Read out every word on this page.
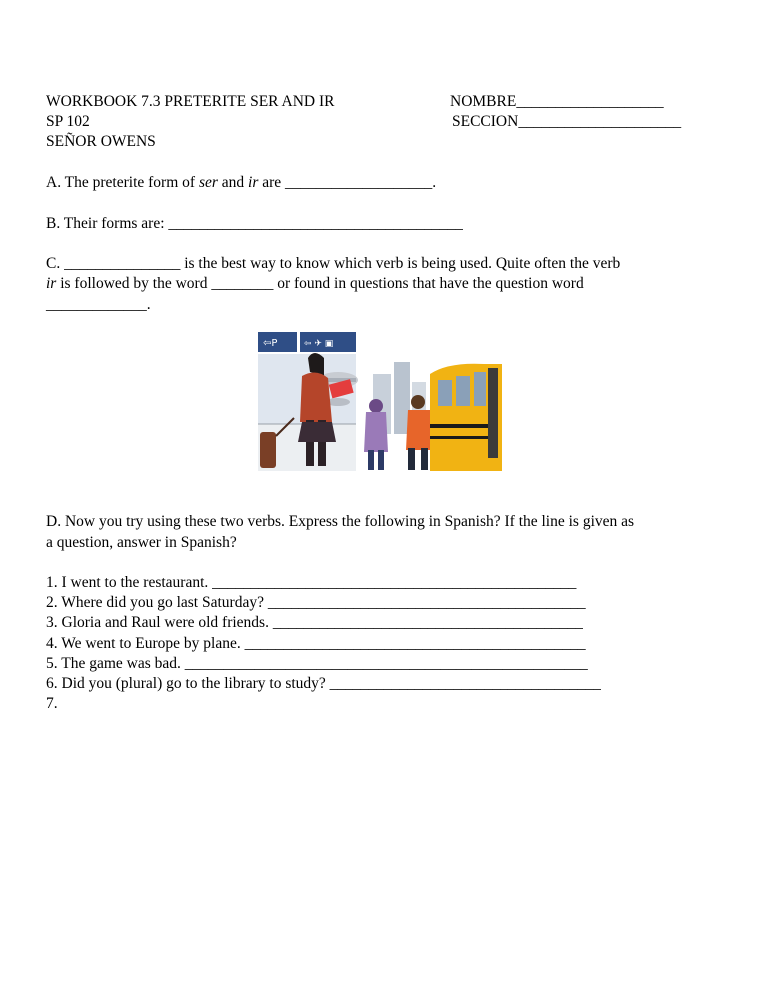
WORKBOOK 7.3 PRETERITE SER AND IR
SP 102
SEÑOR OWENS
NOMBRE___________________
SECCION_____________________
A. The preterite form of ser and ir are ___________________.
B. Their forms are: ______________________________________
C. _______________ is the best way to know which verb is being used. Quite often the verb
ir is followed by the word ________ or found in questions that have the question word
_____________.
⇦P	⇦ ✈ ▣
D. Now you try using these two verbs. Express the following in Spanish? If the line is given as
a question, answer in Spanish?
1. I went to the restaurant. _______________________________________________
2. Where did you go last Saturday? _________________________________________
3. Gloria and Raul were old friends. ________________________________________
4. We went to Europe by plane. ____________________________________________
5. The game was bad. ____________________________________________________
6. Did you (plural) go to the library to study? ___________________________________
7.
